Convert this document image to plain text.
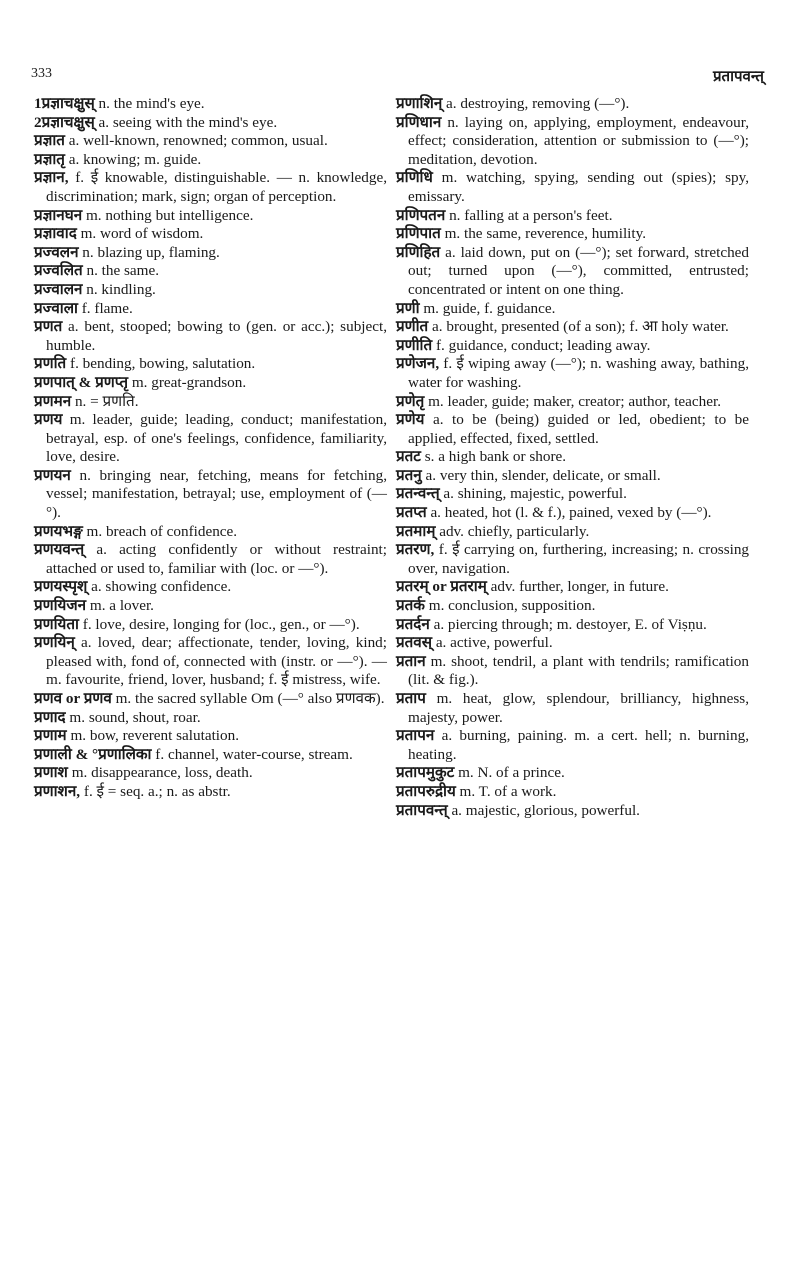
333	प्रतापवन्त्

1प्रज्ञाचक्षुस् n. the mind's eye.

2प्रज्ञाचक्षुस् a. seeing with the mind's eye.

प्रज्ञात a. well-known, renowned; common, usual.

प्रज्ञातृ a. knowing; m. guide.

प्रज्ञान, f. ई knowable, distinguishable. — n. knowledge, discrimination; mark, sign; organ of perception.

प्रज्ञानघन m. nothing but intelligence.

प्रज्ञावाद m. word of wisdom.

प्रज्वलन n. blazing up, flaming.

प्रज्वलित n. the same.

प्रज्वालन n. kindling.

प्रज्वाला f. flame.

प्रणत a. bent, stooped; bowing to (gen. or acc.); subject, humble.

प्रणति f. bending, bowing, salutation.

प्रणपात् & प्रणप्तृ m. great-grandson.

प्रणमन n. = प्रणति.

प्रणय m. leader, guide; leading, conduct; manifestation, betrayal, esp. of one's feelings, confidence, familiarity, love, desire.

प्रणयन n. bringing near, fetching, means for fetching, vessel; manifestation, betrayal; use, employment of (—°).

प्रणयभङ्ग m. breach of confidence.

प्रणयवन्त् a. acting confidently or without restraint; attached or used to, familiar with (loc. or —°).

प्रणयस्पृश् a. showing confidence.

प्रणयिजन m. a lover.

प्रणयिता f. love, desire, longing for (loc., gen., or —°).

प्रणयिन् a. loved, dear; affectionate, tender, loving, kind; pleased with, fond of, connected with (instr. or —°). — m. favourite, friend, lover, husband; f. ई mistress, wife.

प्रणव or प्रणव m. the sacred syllable Om (—° also प्रणवक).

प्रणाद m. sound, shout, roar.

प्रणाम m. bow, reverent salutation.

प्रणाली & °प्रणालिका f. channel, water-course, stream.

प्रणाश m. disappearance, loss, death.

प्रणाशन, f. ई = seq. a.; n. as abstr.

प्रणाशिन् a. destroying, removing (—°).

प्रणिधान n. laying on, applying, employment, endeavour, effect; consideration, attention or submission to (—°); meditation, devotion.

प्रणिधि m. watching, spying, sending out (spies); spy, emissary.

प्रणिपतन n. falling at a person's feet.

प्रणिपात m. the same, reverence, humility.

प्रणिहित a. laid down, put on (—°); set forward, stretched out; turned upon (—°), committed, entrusted; concentrated or intent on one thing.

प्रणी m. guide, f. guidance.

प्रणीत a. brought, presented (of a son); f. आ holy water.

प्रणीति f. guidance, conduct; leading away.

प्रणेजन, f. ई wiping away (—°); n. washing away, bathing, water for washing.

प्रणेतृ m. leader, guide; maker, creator; author, teacher.

प्रणेय a. to be (being) guided or led, obedient; to be applied, effected, fixed, settled.

प्रतट s. a high bank or shore.

प्रतनु a. very thin, slender, delicate, or small.

प्रतन्वन्त् a. shining, majestic, powerful.

प्रतप्त a. heated, hot (l. & f.), pained, vexed by (—°).

प्रतमाम् adv. chiefly, particularly.

प्रतरण, f. ई carrying on, furthering, increasing; n. crossing over, navigation.

प्रतरम् or प्रतराम् adv. further, longer, in future.

प्रतर्क m. conclusion, supposition.

प्रतर्दन a. piercing through; m. destoyer, E. of Viṣṇu.

प्रतवस् a. active, powerful.

प्रतान m. shoot, tendril, a plant with tendrils; ramification (lit. & fig.).

प्रताप m. heat, glow, splendour, brilliancy, highness, majesty, power.

प्रतापन a. burning, paining. m. a cert. hell; n. burning, heating.

प्रतापमुकुट m. N. of a prince.

प्रतापरुद्रीय m. T. of a work.

प्रतापवन्त् a. majestic, glorious, powerful.
